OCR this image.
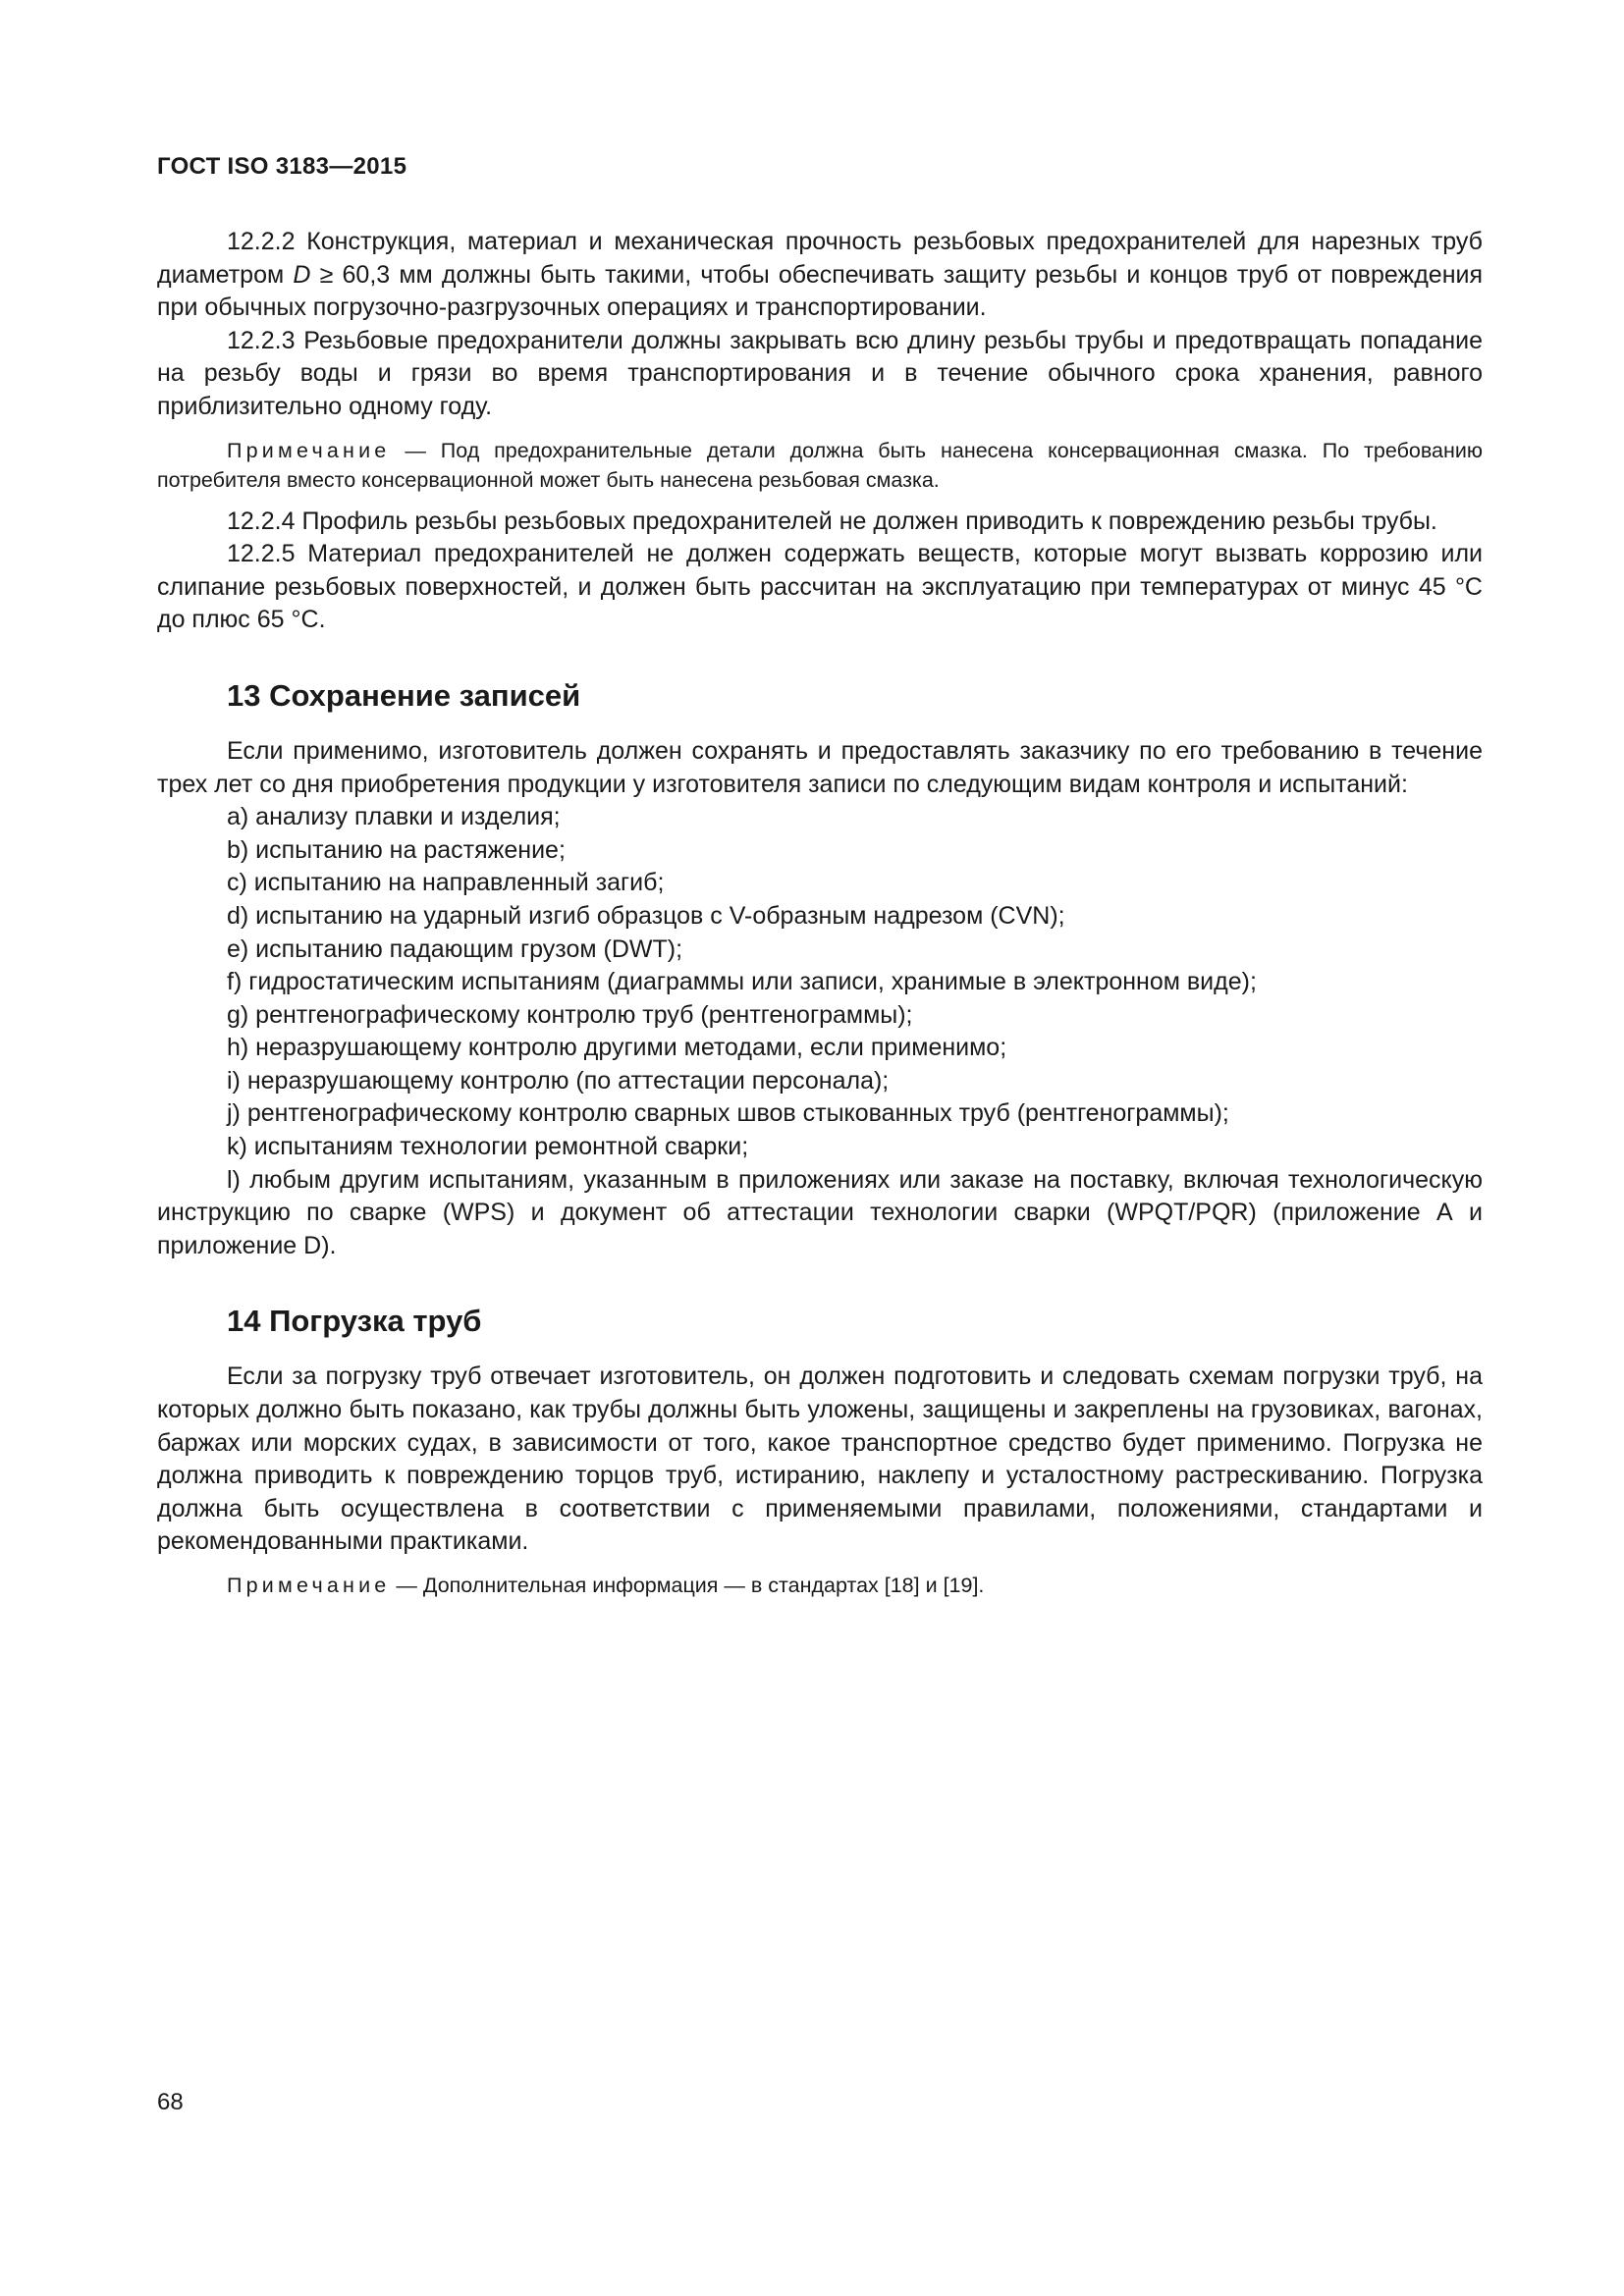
ГОСТ ISO 3183—2015

12.2.2 Конструкция, материал и механическая прочность резьбовых предохранителей для нарезных труб диаметром D ≥ 60,3 мм должны быть такими, чтобы обеспечивать защиту резьбы и концов труб от повреждения при обычных погрузочно-разгрузочных операциях и транспортировании.

12.2.3 Резьбовые предохранители должны закрывать всю длину резьбы трубы и предотвращать попадание на резьбу воды и грязи во время транспортирования и в течение обычного срока хранения, равного приблизительно одному году.

Примечание — Под предохранительные детали должна быть нанесена консервационная смазка. По требованию потребителя вместо консервационной может быть нанесена резьбовая смазка.

12.2.4 Профиль резьбы резьбовых предохранителей не должен приводить к повреждению резьбы трубы.

12.2.5 Материал предохранителей не должен содержать веществ, которые могут вызвать коррозию или слипание резьбовых поверхностей, и должен быть рассчитан на эксплуатацию при температурах от минус 45 °С до плюс 65 °С.

13 Сохранение записей

Если применимо, изготовитель должен сохранять и предоставлять заказчику по его требованию в течение трех лет со дня приобретения продукции у изготовителя записи по следующим видам контроля и испытаний:

a) анализу плавки и изделия;

b) испытанию на растяжение;

c) испытанию на направленный загиб;

d) испытанию на ударный изгиб образцов с V-образным надрезом (CVN);

e) испытанию падающим грузом (DWT);

f) гидростатическим испытаниям (диаграммы или записи, хранимые в электронном виде);

g) рентгенографическому контролю труб (рентгенограммы);

h) неразрушающему контролю другими методами, если применимо;

i) неразрушающему контролю (по аттестации персонала);

j) рентгенографическому контролю сварных швов стыкованных труб (рентгенограммы);

k) испытаниям технологии ремонтной сварки;

l) любым другим испытаниям, указанным в приложениях или заказе на поставку, включая технологическую инструкцию по сварке (WPS) и документ об аттестации технологии сварки (WPQT/PQR) (приложение А и приложение D).

14 Погрузка труб

Если за погрузку труб отвечает изготовитель, он должен подготовить и следовать схемам погрузки труб, на которых должно быть показано, как трубы должны быть уложены, защищены и закреплены на грузовиках, вагонах, баржах или морских судах, в зависимости от того, какое транспортное средство будет применимо. Погрузка не должна приводить к повреждению торцов труб, истиранию, наклепу и усталостному растрескиванию. Погрузка должна быть осуществлена в соответствии с применяемыми правилами, положениями, стандартами и рекомендованными практиками.

Примечание — Дополнительная информация — в стандартах [18] и [19].

68
